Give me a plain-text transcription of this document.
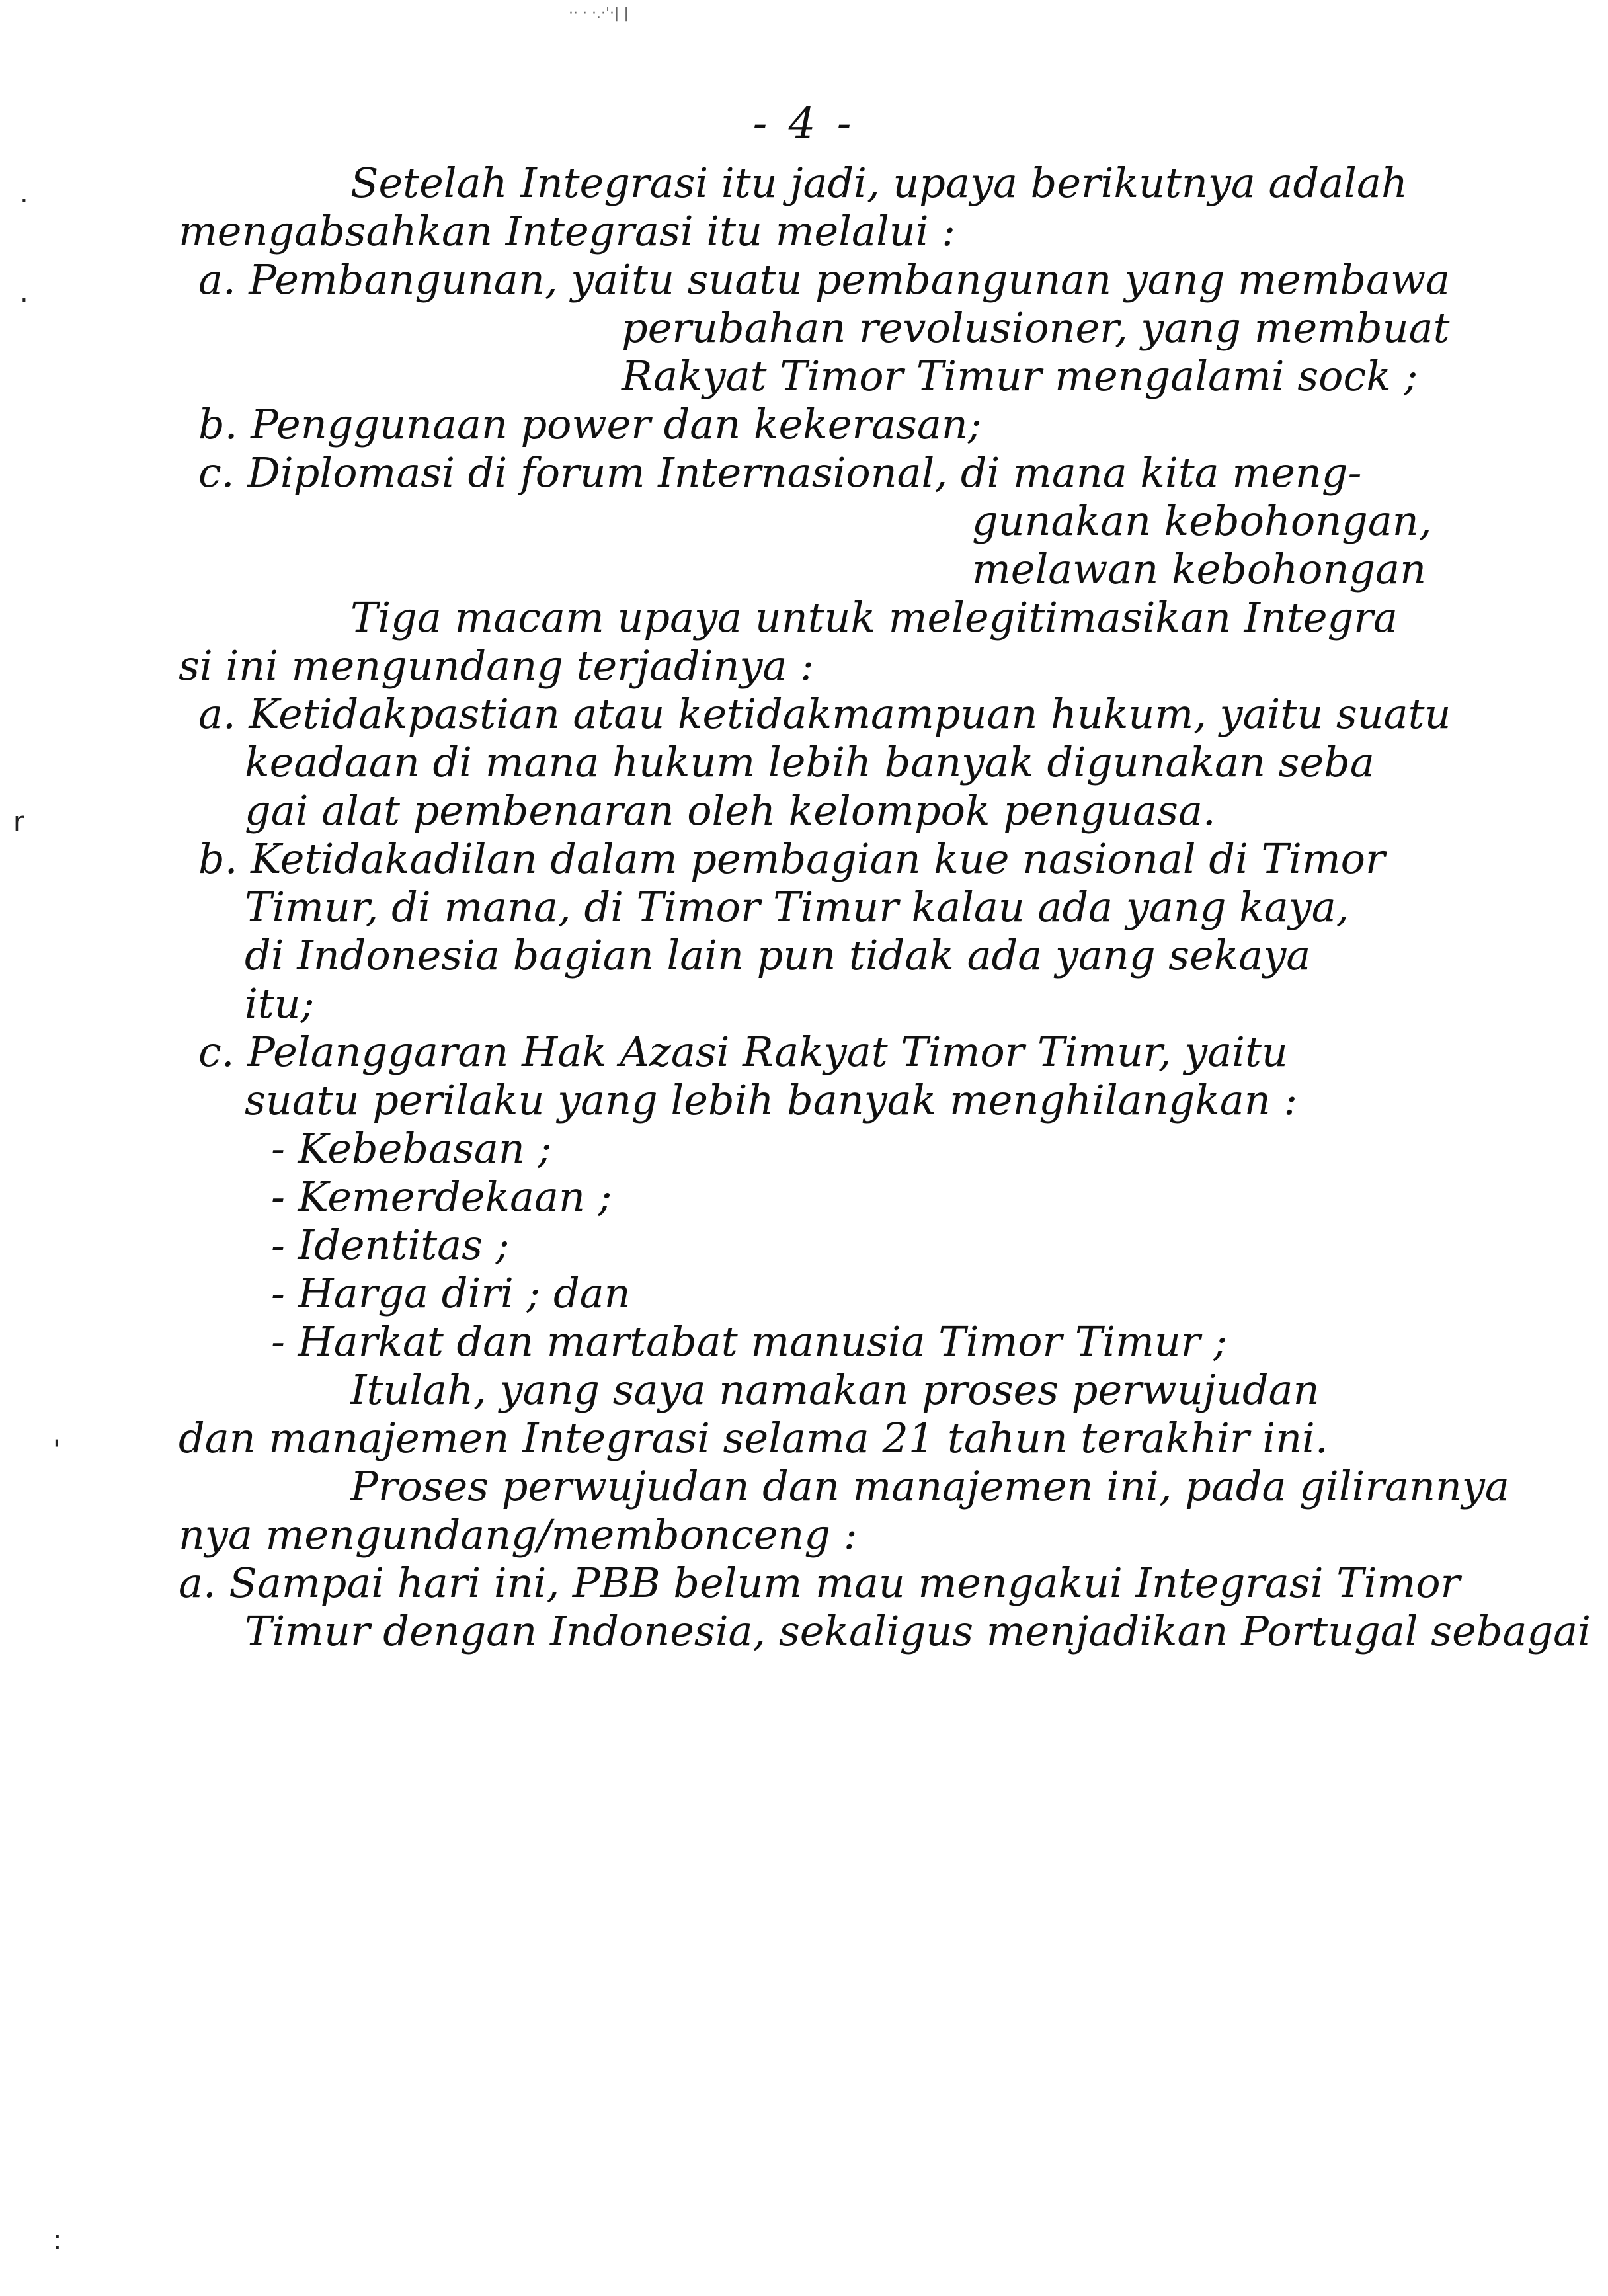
·· · ·.·'·| |
- 4 -
.
.
r
'
:
Setelah Integrasi itu jadi, upaya berikutnya adalah
mengabsahkan Integrasi itu melalui :
a. Pembangunan, yaitu suatu pembangunan yang membawa
perubahan revolusioner, yang membuat
Rakyat Timor Timur mengalami sock ;
b. Penggunaan power dan kekerasan;
c. Diplomasi di forum Internasional, di mana kita meng-
gunakan kebohongan,
melawan kebohongan
Tiga macam upaya untuk melegitimasikan Integra
si ini mengundang terjadinya :
a. Ketidakpastian atau ketidakmampuan hukum, yaitu suatu
keadaan di mana hukum lebih banyak digunakan seba
gai alat pembenaran oleh kelompok penguasa.
b. Ketidakadilan dalam pembagian kue nasional di Timor
Timur, di mana, di Timor Timur kalau ada yang kaya,
di Indonesia bagian lain pun tidak ada yang sekaya
itu;
c. Pelanggaran Hak Azasi Rakyat Timor Timur, yaitu
suatu perilaku yang lebih banyak menghilangkan :
- Kebebasan ;
- Kemerdekaan ;
- Identitas ;
- Harga diri ; dan
- Harkat dan martabat manusia Timor Timur ;
Itulah, yang saya namakan proses perwujudan
dan manajemen Integrasi selama 21 tahun terakhir ini.
Proses perwujudan dan manajemen ini, pada gilirannya
nya mengundang/membonceng :
a. Sampai hari ini, PBB belum mau mengakui Integrasi Timor
Timur dengan Indonesia, sekaligus menjadikan Portugal sebagai
